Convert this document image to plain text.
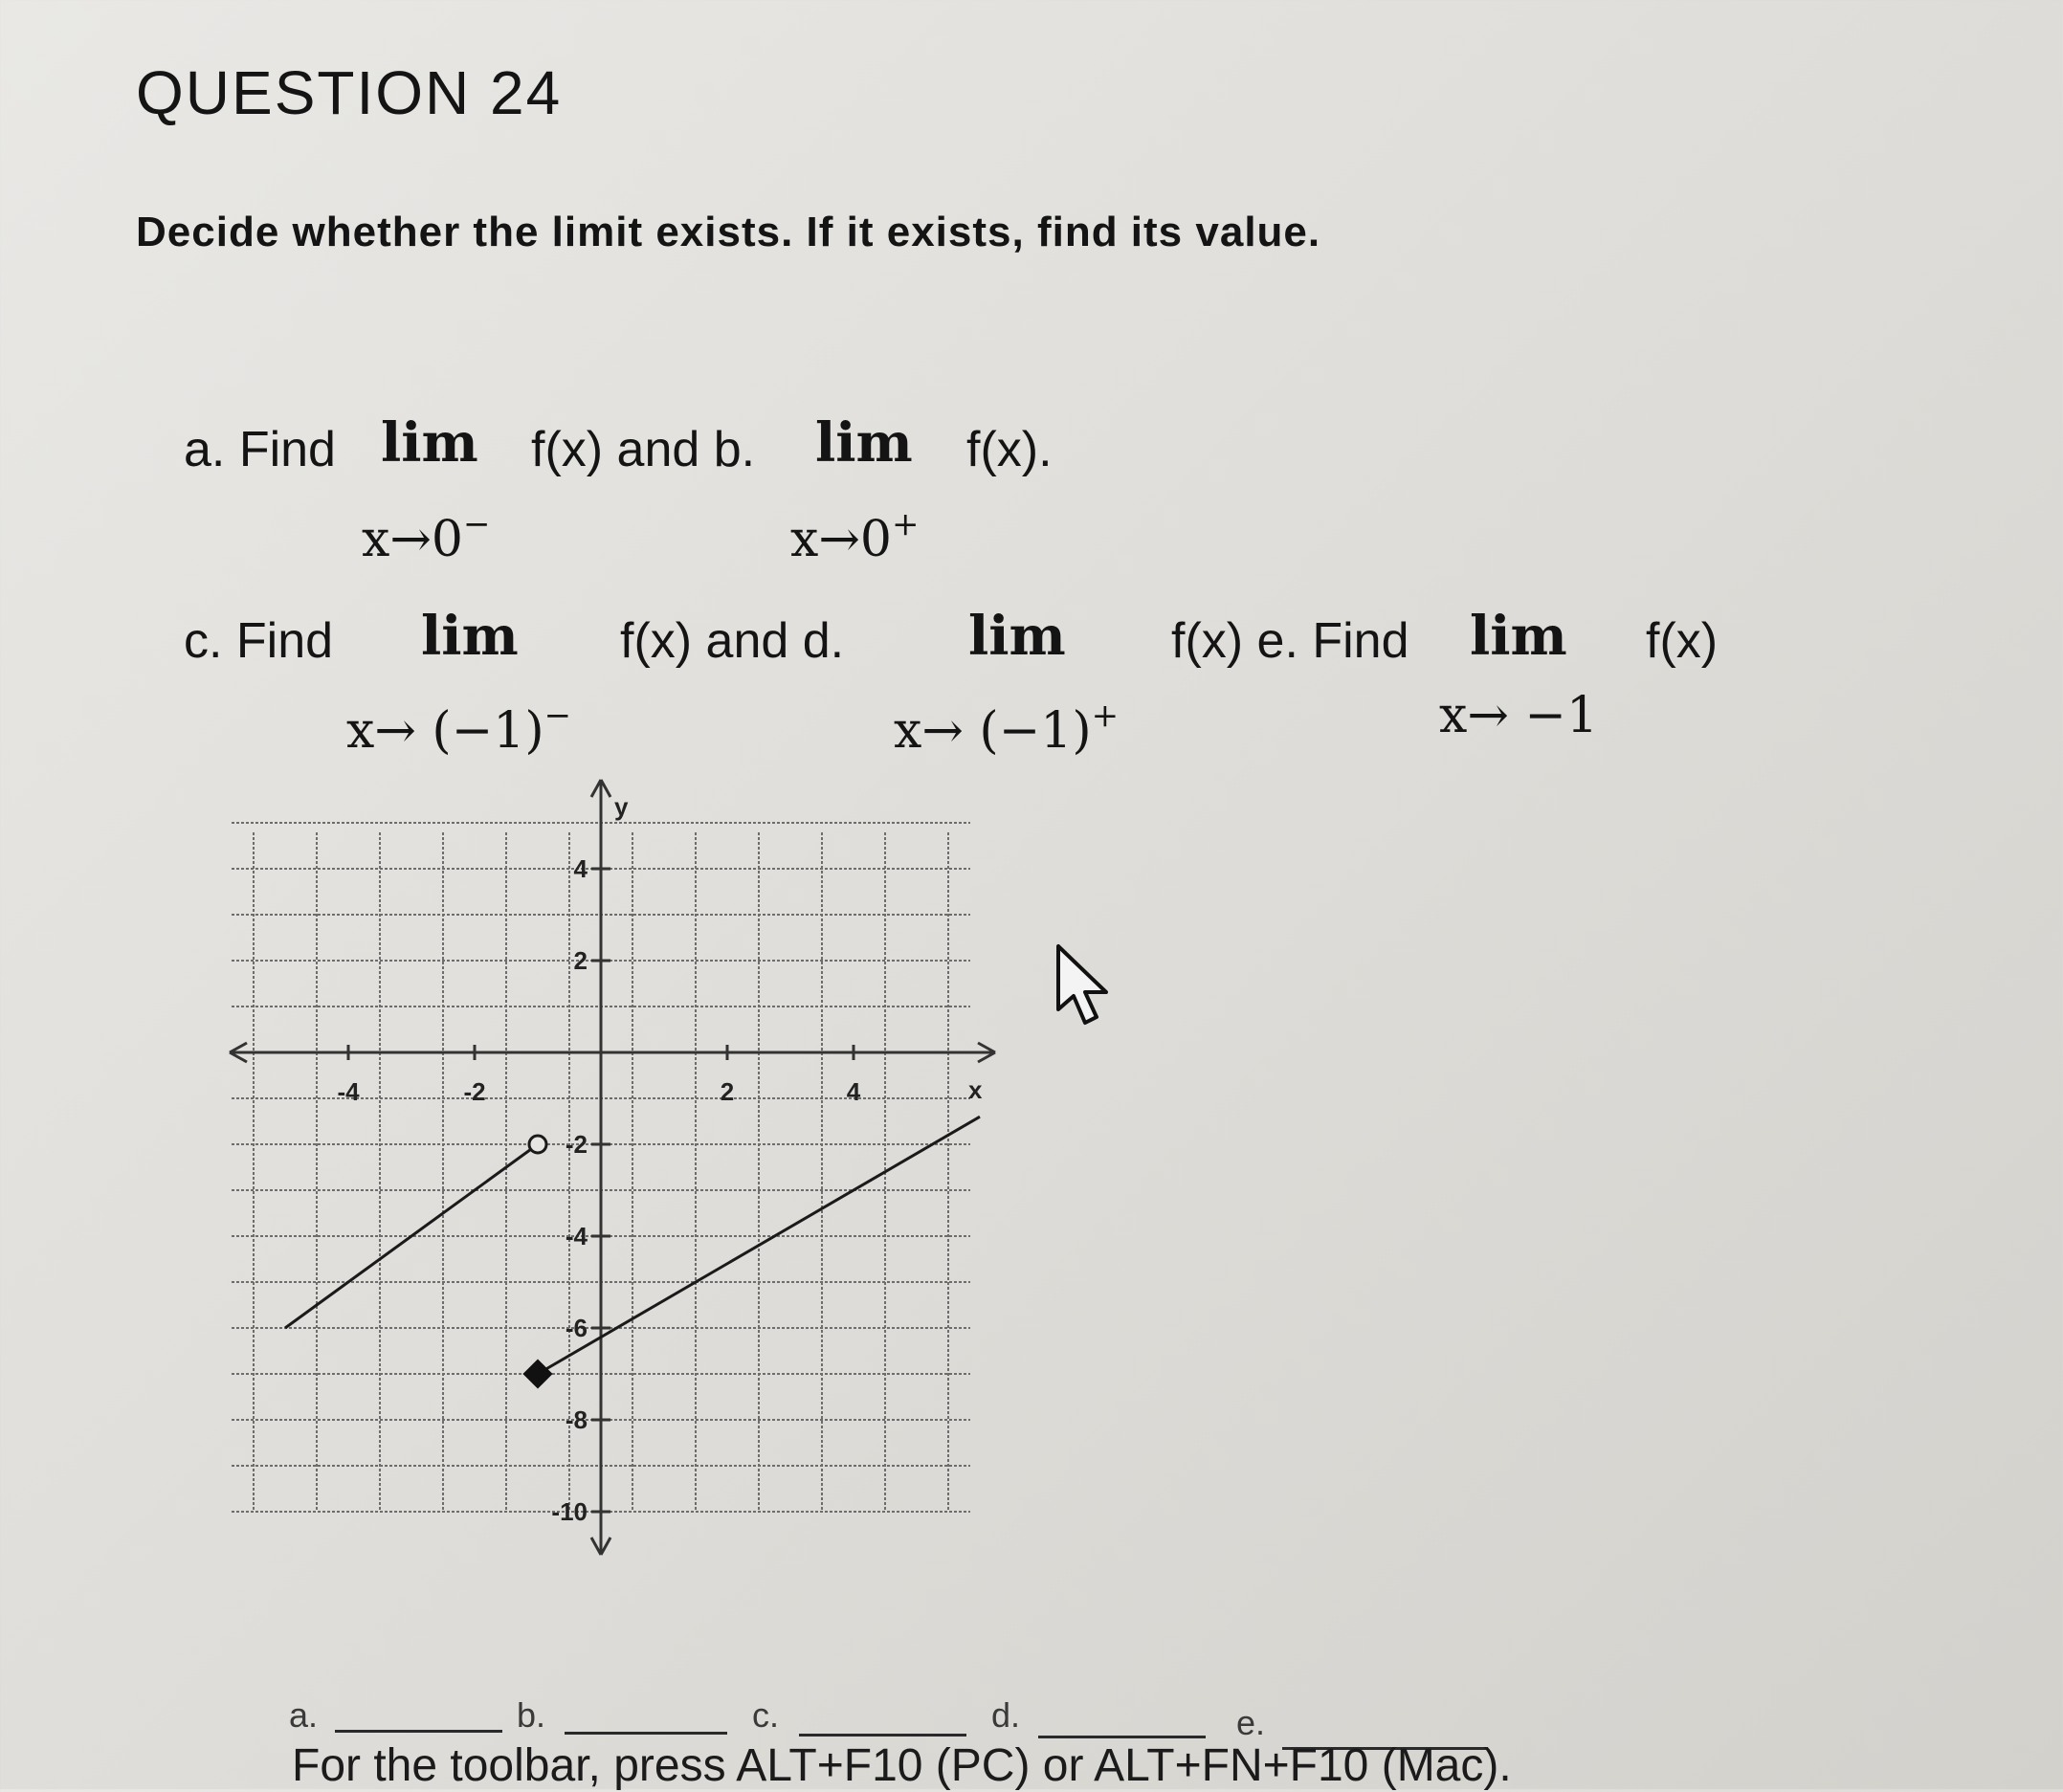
QUESTION 24
Decide whether the limit exists. If it exists, find its value.
a. Find lim
x→0−
f(x) and b. lim
x→0+
f(x).
c. Find lim
x→ (−1)−
f(x) and d. lim
x→ (−1)+
f(x) e. Find lim
x→ −1
f(x)
x
y
-4	-2	2	4
4
2
-2
-4
-6
-8
-10
a.	b.	c.	d.	e.
For the toolbar, press ALT+F10 (PC) or ALT+FN+F10 (Mac).
